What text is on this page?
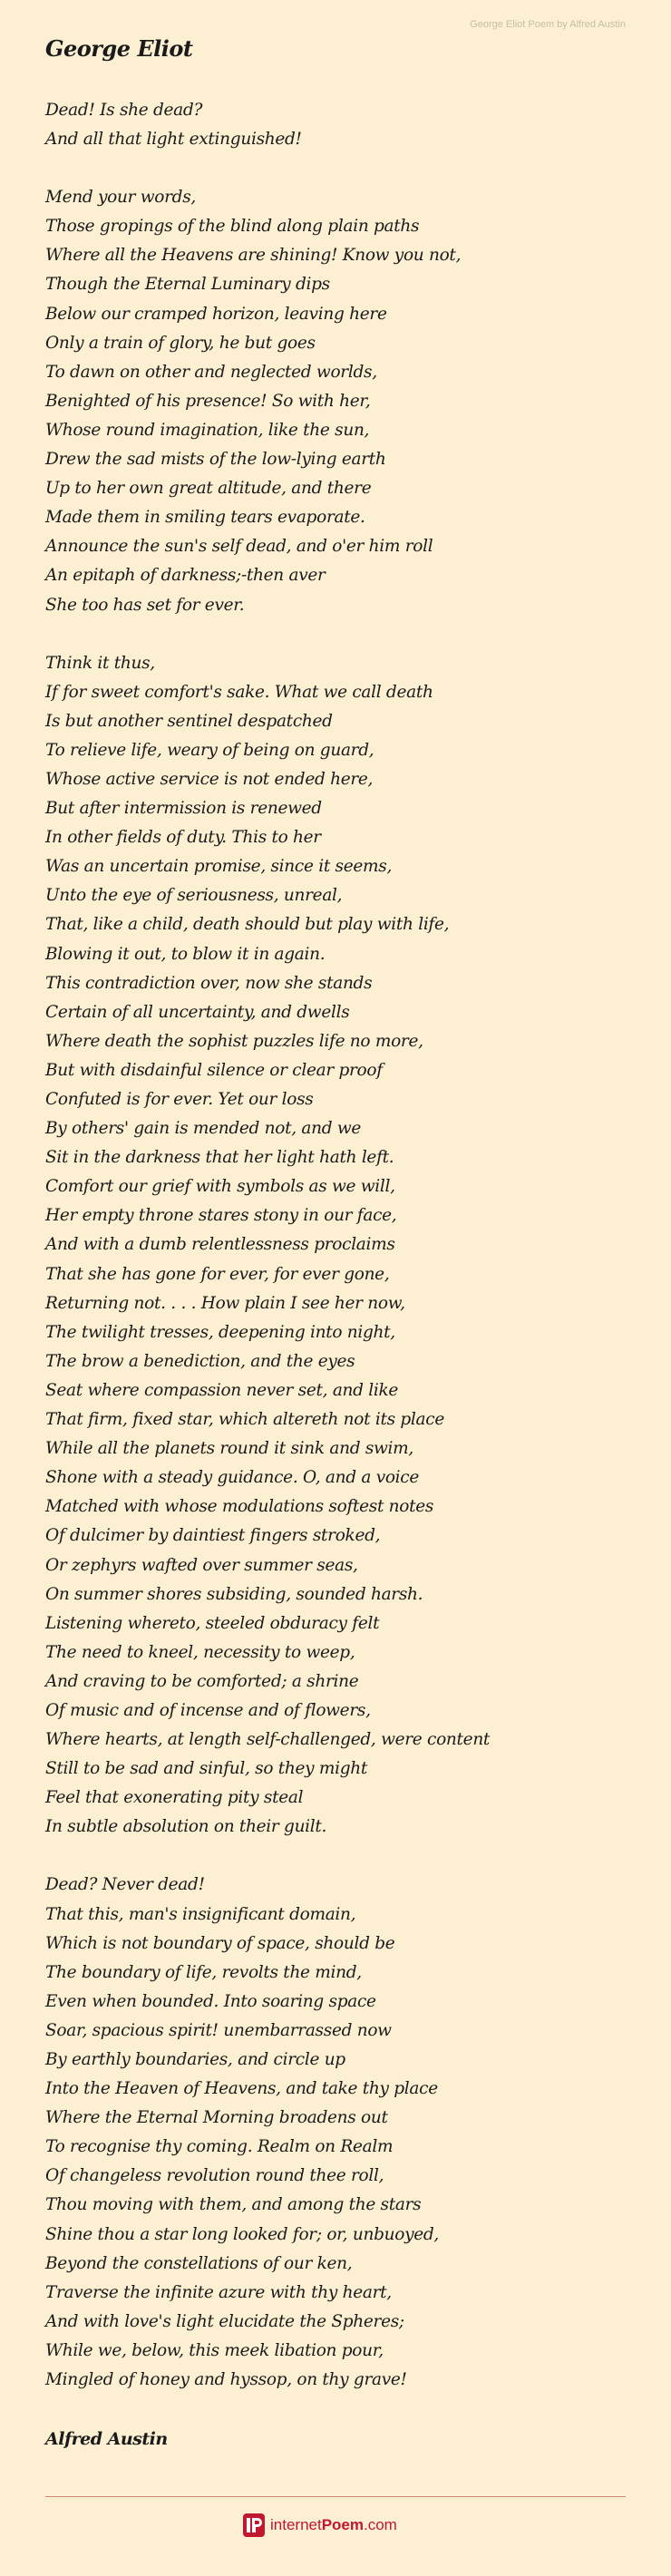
George Eliot Poem by Alfred Austin
George Eliot

Dead! Is she dead?
And all that light extinguished!

Mend your words,
Those gropings of the blind along plain paths
Where all the Heavens are shining! Know you not,
Though the Eternal Luminary dips
Below our cramped horizon, leaving here
Only a train of glory, he but goes
To dawn on other and neglected worlds,
Benighted of his presence! So with her,
Whose round imagination, like the sun,
Drew the sad mists of the low-lying earth
Up to her own great altitude, and there
Made them in smiling tears evaporate.
Announce the sun's self dead, and o'er him roll
An epitaph of darkness;-then aver
She too has set for ever.

Think it thus,
If for sweet comfort's sake. What we call death
Is but another sentinel despatched
To relieve life, weary of being on guard,
Whose active service is not ended here,
But after intermission is renewed
In other fields of duty. This to her
Was an uncertain promise, since it seems,
Unto the eye of seriousness, unreal,
That, like a child, death should but play with life,
Blowing it out, to blow it in again.
This contradiction over, now she stands
Certain of all uncertainty, and dwells
Where death the sophist puzzles life no more,
But with disdainful silence or clear proof
Confuted is for ever. Yet our loss
By others' gain is mended not, and we
Sit in the darkness that her light hath left.
Comfort our grief with symbols as we will,
Her empty throne stares stony in our face,
And with a dumb relentlessness proclaims
That she has gone for ever, for ever gone,
Returning not. . . . How plain I see her now,
The twilight tresses, deepening into night,
The brow a benediction, and the eyes
Seat where compassion never set, and like
That firm, fixed star, which altereth not its place
While all the planets round it sink and swim,
Shone with a steady guidance. O, and a voice
Matched with whose modulations softest notes
Of dulcimer by daintiest fingers stroked,
Or zephyrs wafted over summer seas,
On summer shores subsiding, sounded harsh.
Listening whereto, steeled obduracy felt
The need to kneel, necessity to weep,
And craving to be comforted; a shrine
Of music and of incense and of flowers,
Where hearts, at length self-challenged, were content
Still to be sad and sinful, so they might
Feel that exonerating pity steal
In subtle absolution on their guilt.

Dead? Never dead!
That this, man's insignificant domain,
Which is not boundary of space, should be
The boundary of life, revolts the mind,
Even when bounded. Into soaring space
Soar, spacious spirit! unembarrassed now
By earthly boundaries, and circle up
Into the Heaven of Heavens, and take thy place
Where the Eternal Morning broadens out
To recognise thy coming. Realm on Realm
Of changeless revolution round thee roll,
Thou moving with them, and among the stars
Shine thou a star long looked for; or, unbuoyed,
Beyond the constellations of our ken,
Traverse the infinite azure with thy heart,
And with love's light elucidate the Spheres;
While we, below, this meek libation pour,
Mingled of honey and hyssop, on thy grave!

Alfred Austin
internetPoem.com
